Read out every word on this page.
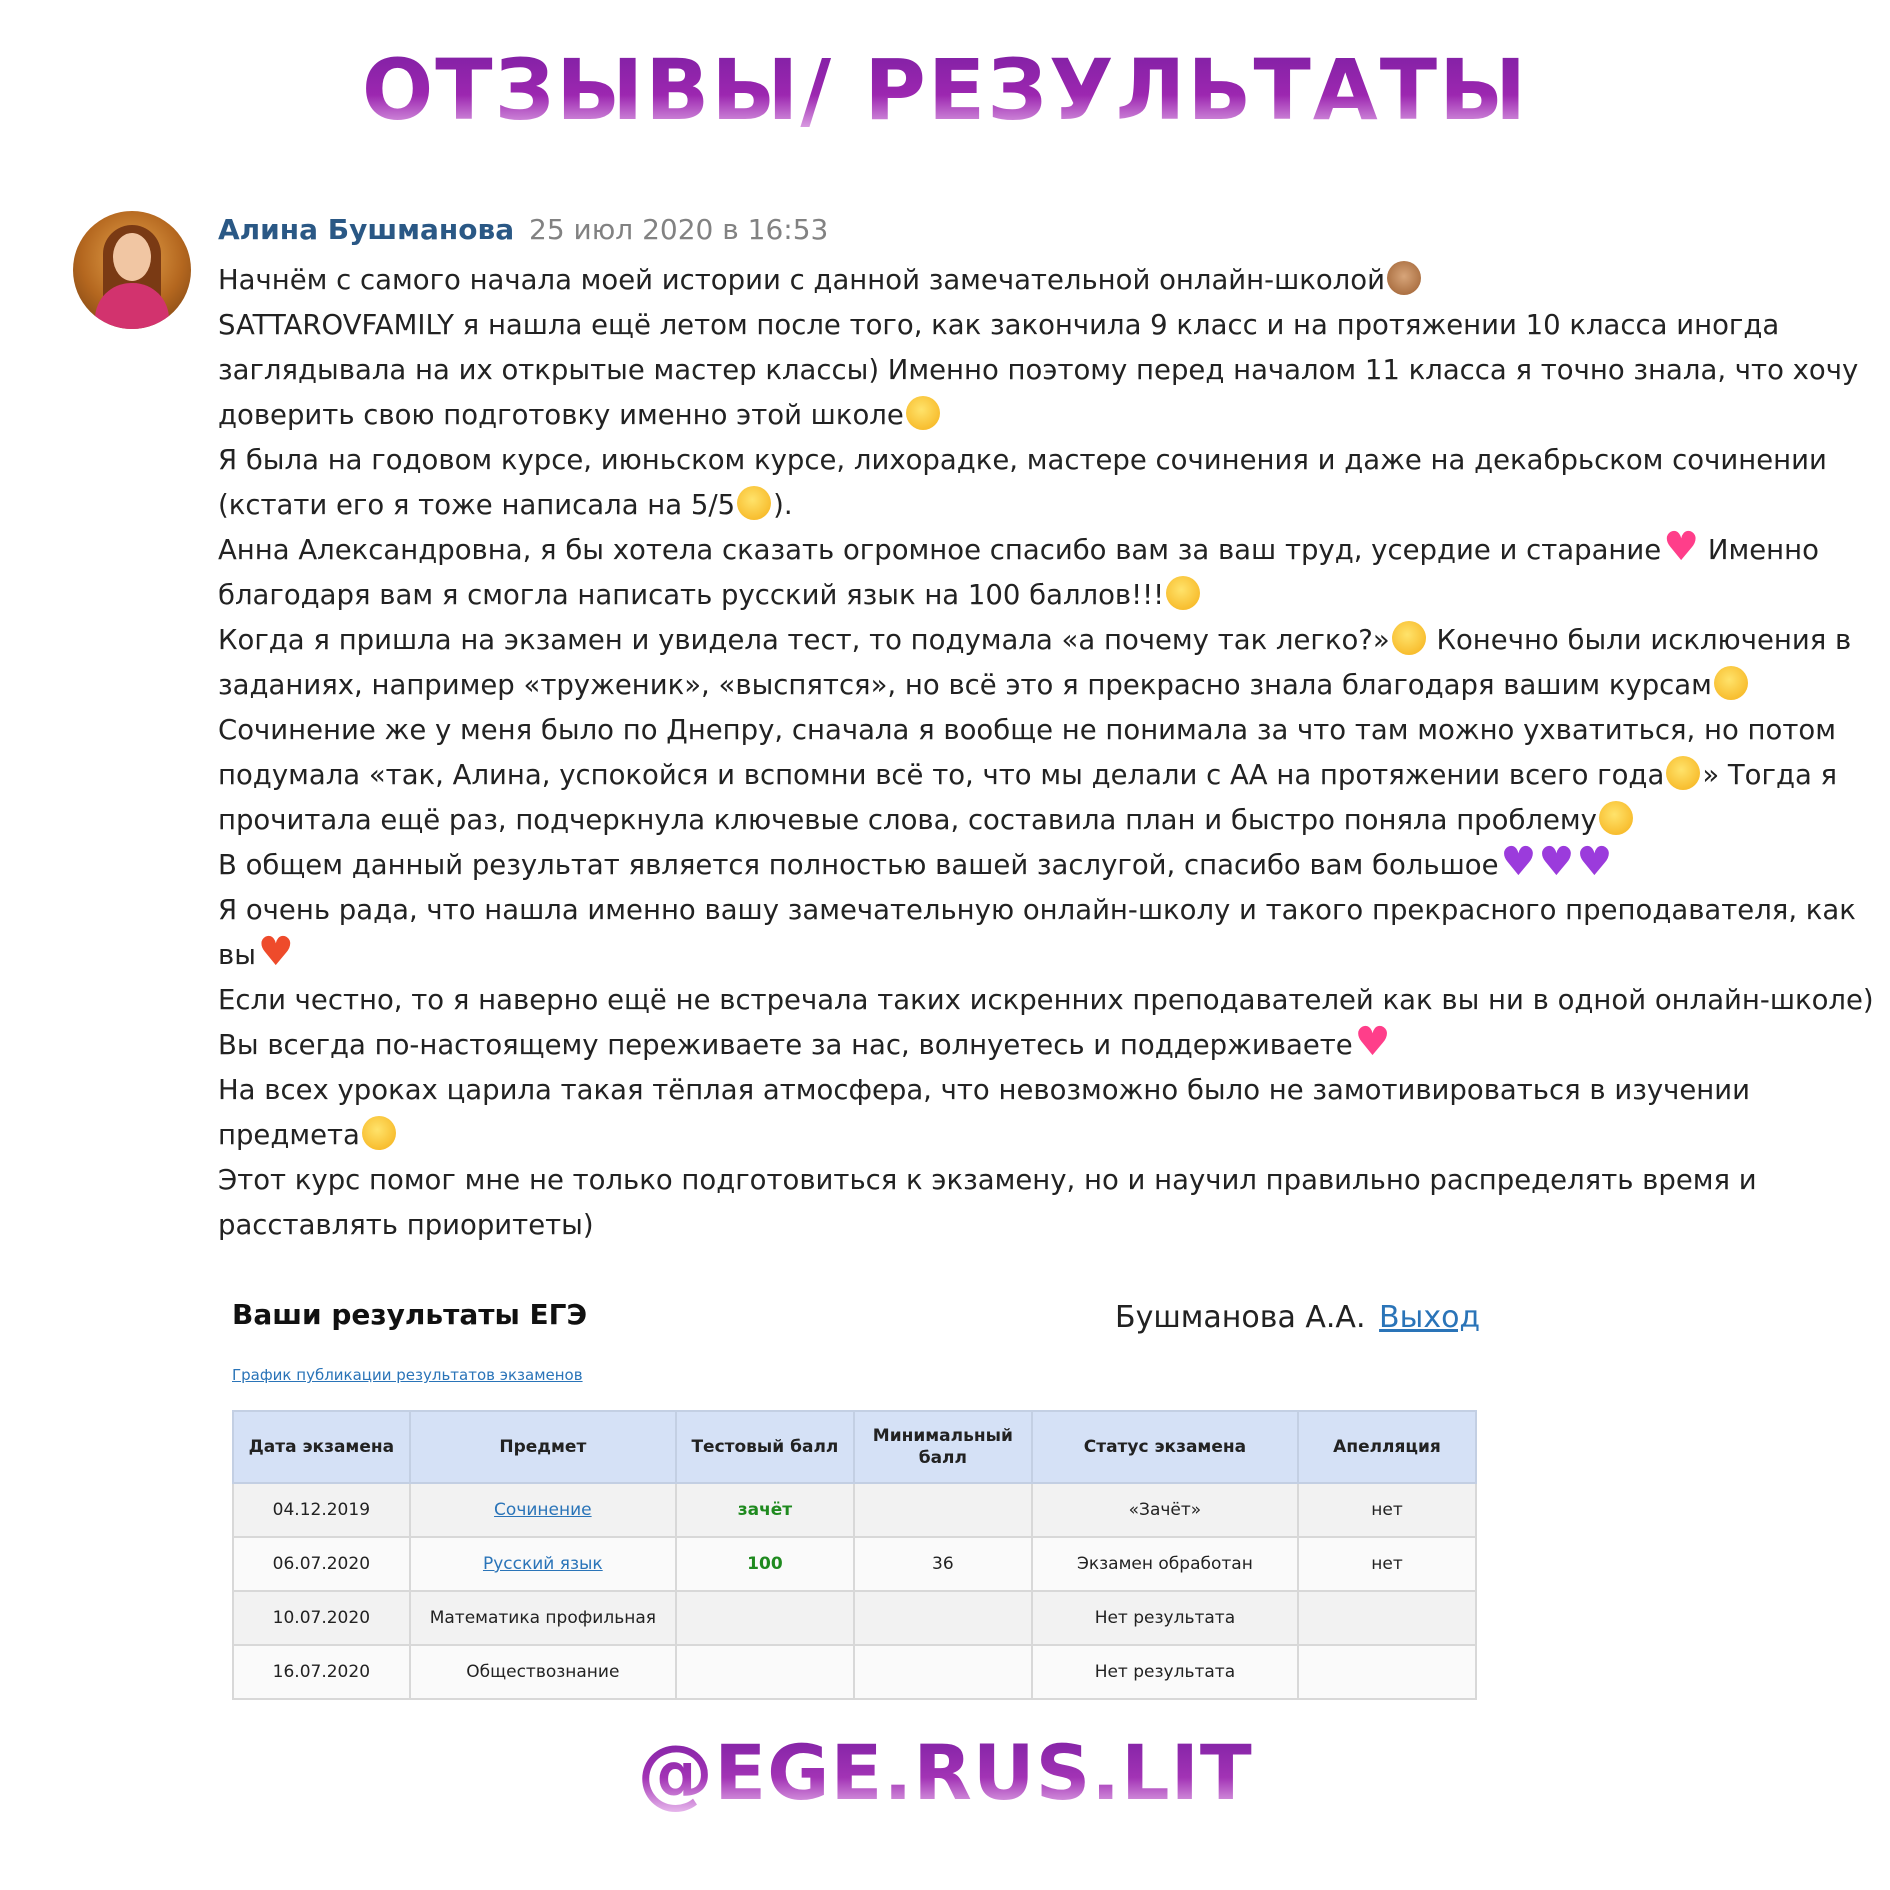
ОТЗЫВЫ/ РЕЗУЛЬТАТЫ
Алина Бушманова 25 июл 2020 в 16:53
Начнём с самого начала моей истории с данной замечательной онлайн-школой
SATTAROVFAMILY я нашла ещё летом после того, как закончила 9 класс и на протяжении 10 класса иногда
заглядывала на их открытые мастер классы) Именно поэтому перед началом 11 класса я точно знала, что хочу
доверить свою подготовку именно этой школе
Я была на годовом курсе, июньском курсе, лихорадке, мастере сочинения и даже на декабрьском сочинении
(кстати его я тоже написала на 5/5 ).
Анна Александровна, я бы хотела сказать огромное спасибо вам за ваш труд, усердие и старание♥ Именно
благодаря вам я смогла написать русский язык на 100 баллов!!!
Когда я пришла на экзамен и увидела тест, то подумала «а почему так легко?» Конечно были исключения в
заданиях, например «труженик», «выспятся», но всё это я прекрасно знала благодаря вашим курсам
Сочинение же у меня было по Днепру, сначала я вообще не понимала за что там можно ухватиться, но потом
подумала «так, Алина, успокойся и вспомни всё то, что мы делали с АА на протяжении всего года » Тогда я
прочитала ещё раз, подчеркнула ключевые слова, составила план и быстро поняла проблему
В общем данный результат является полностью вашей заслугой, спасибо вам большое♥♥♥
Я очень рада, что нашла именно вашу замечательную онлайн-школу и такого прекрасного преподавателя, как
вы♥
Если честно, то я наверно ещё не встречала таких искренних преподавателей как вы ни в одной онлайн-школе)
Вы всегда по-настоящему переживаете за нас, волнуетесь и поддерживаете♥
На всех уроках царила такая тёплая атмосфера, что невозможно было не замотивироваться в изучении
предмета
Этот курс помог мне не только подготовиться к экзамену, но и научил правильно распределять время и
расставлять приоритеты)
Ваши результаты ЕГЭ	Бушманова А.А. Выход
График публикации результатов экзаменов
Дата экзамена	Предмет	Тестовый балл	Минимальный балл	Статус экзамена	Апелляция
04.12.2019	Сочинение	зачёт		«Зачёт»	нет
06.07.2020	Русский язык	100	36	Экзамен обработан	нет
10.07.2020	Математика профильная			Нет результата	
16.07.2020	Обществознание			Нет результата	
@EGE.RUS.LIT
